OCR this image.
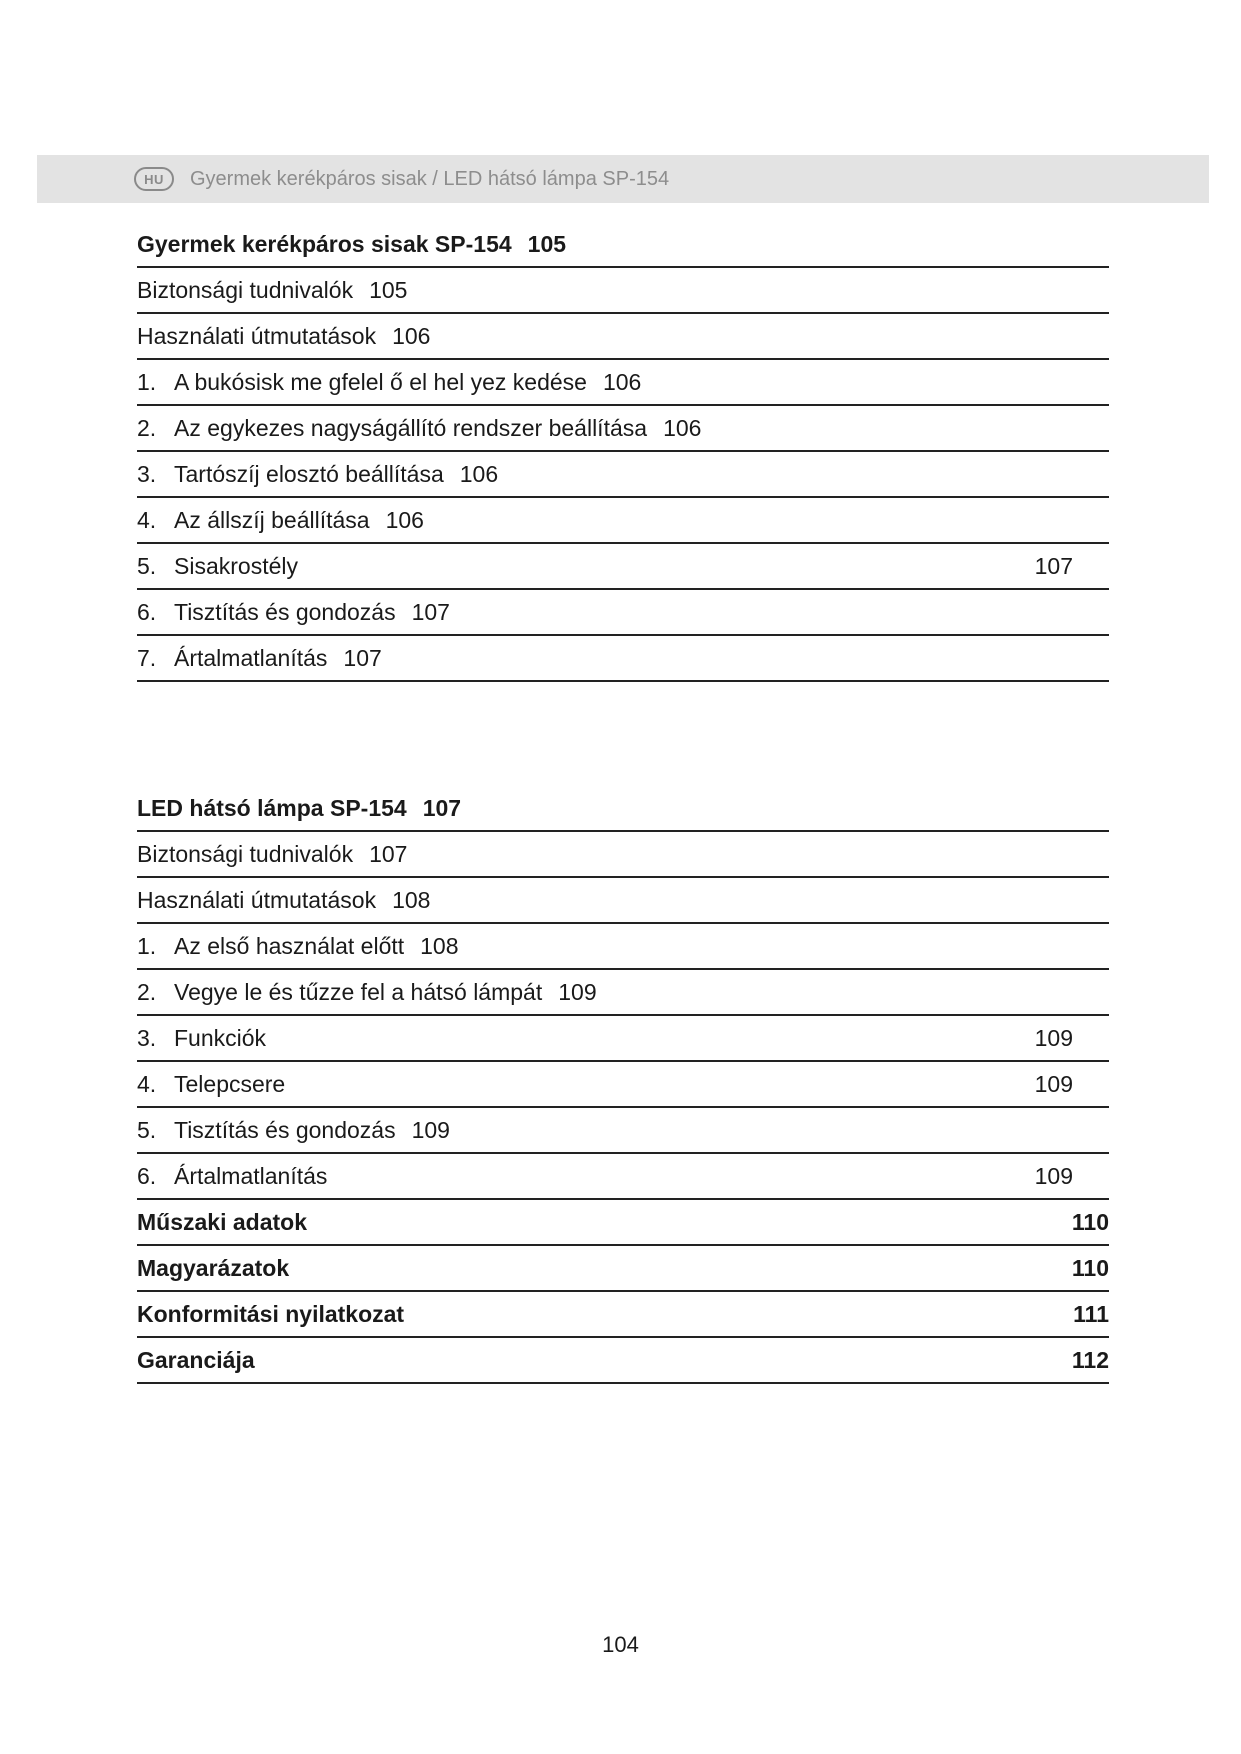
HU	Gyermek kerékpáros sisak / LED hátsó lámpa SP-154
Gyermek kerékpáros sisak SP-154 105
Biztonsági tudnivalók 105
Használati útmutatások 106
1. A bukósisk me gfelel ő el hel yez kedése 106
2. Az egykezes nagyságállító rendszer beállítása 106
3. Tartószíj elosztó beállítása 106
4. Az állszíj beállítása 106
5. Sisakrostély	107
6. Tisztítás és gondozás 107
7. Ártalmatlanítás 107
LED hátsó lámpa SP-154 107
Biztonsági tudnivalók 107
Használati útmutatások 108
1. Az első használat előtt 108
2. Vegye le és tűzze fel a hátsó lámpát 109
3. Funkciók	109
4. Telepcsere	109
5. Tisztítás és gondozás 109
6. Ártalmatlanítás	109
Műszaki adatok	110
Magyarázatok	110
Konformitási nyilatkozat	111
Garanciája	112
104
